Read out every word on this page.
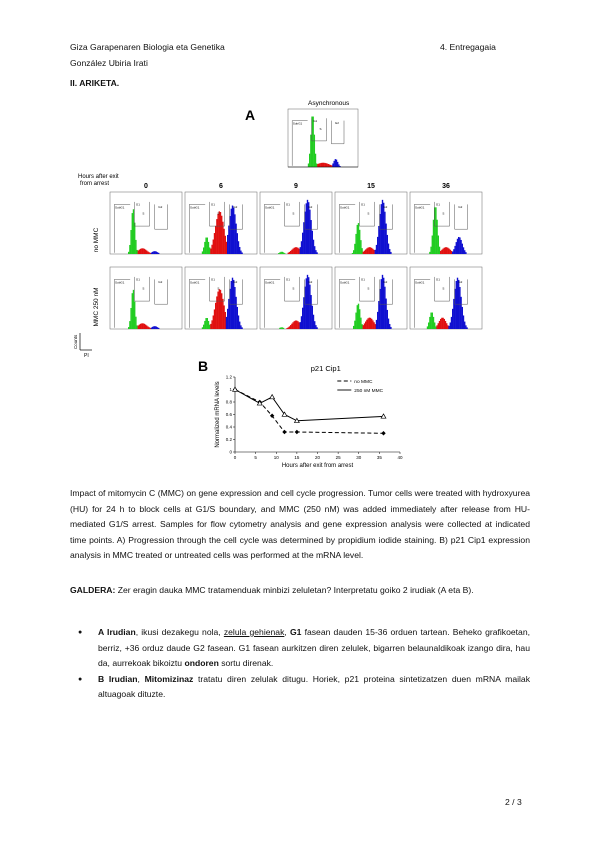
Giza Garapenaren Biologia eta Genetika	4. Entregagaia
González Ubiria Irati
II. ARIKETA.
A
Asynchronous
SubG1
G1
S
G2
Hours after exit from arrest	0	6	9	15	36
SubG1
G1
S
G2	SubG1
G1
S
G2	SubG1
G1
S
G2	SubG1
G1
S
G2	SubG1
G1
S
G2
SubG1
G1
S
G2	SubG1
G1
S
G2	SubG1
G1
S
G2	SubG1
G1
S
G2	SubG1
G1
S
G2
no MMC
MMC 250 nM
Counts
PI
B
0	5	10	15	20	25	30	35	40
0
0.2
0.4
0.6
0.8
1
1.2
Hours after exit from arrest
Normalized mRNA levels
p21 Cip1
no MMC
250 nM MMC
Impact of mitomycin C (MMC) on gene expression and cell cycle progression. Tumor cells were treated with hydroxyurea (HU) for 24 h to block cells at G1/S boundary, and MMC (250 nM) was added immediately after release from HU-mediated G1/S arrest. Samples for flow cytometry analysis and gene expression analysis were collected at indicated time points. A) Progression through the cell cycle was determined by propidium iodide staining. B) p21 Cip1 expression analysis in MMC treated or untreated cells was performed at the mRNA level.
GALDERA: Zer eragin dauka MMC tratamenduak minbizi zeluletan? Interpretatu goiko 2 irudiak (A eta B).
● A Irudian, ikusi dezakegu nola, zelula gehienak, G1 fasean dauden 15-36 orduen tartean. Beheko grafikoetan, berriz, +36 orduz daude G2 fasean. G1 fasean aurkitzen diren zelulek, bigarren belaunaldikoak izango dira, hau da, aurrekoak bikoiztu ondoren sortu direnak.
● B Irudian, Mitomizinaz tratatu diren zelulak ditugu. Horiek, p21 proteina sintetizatzen duen mRNA mailak altuagoak dituzte.
2 / 3
